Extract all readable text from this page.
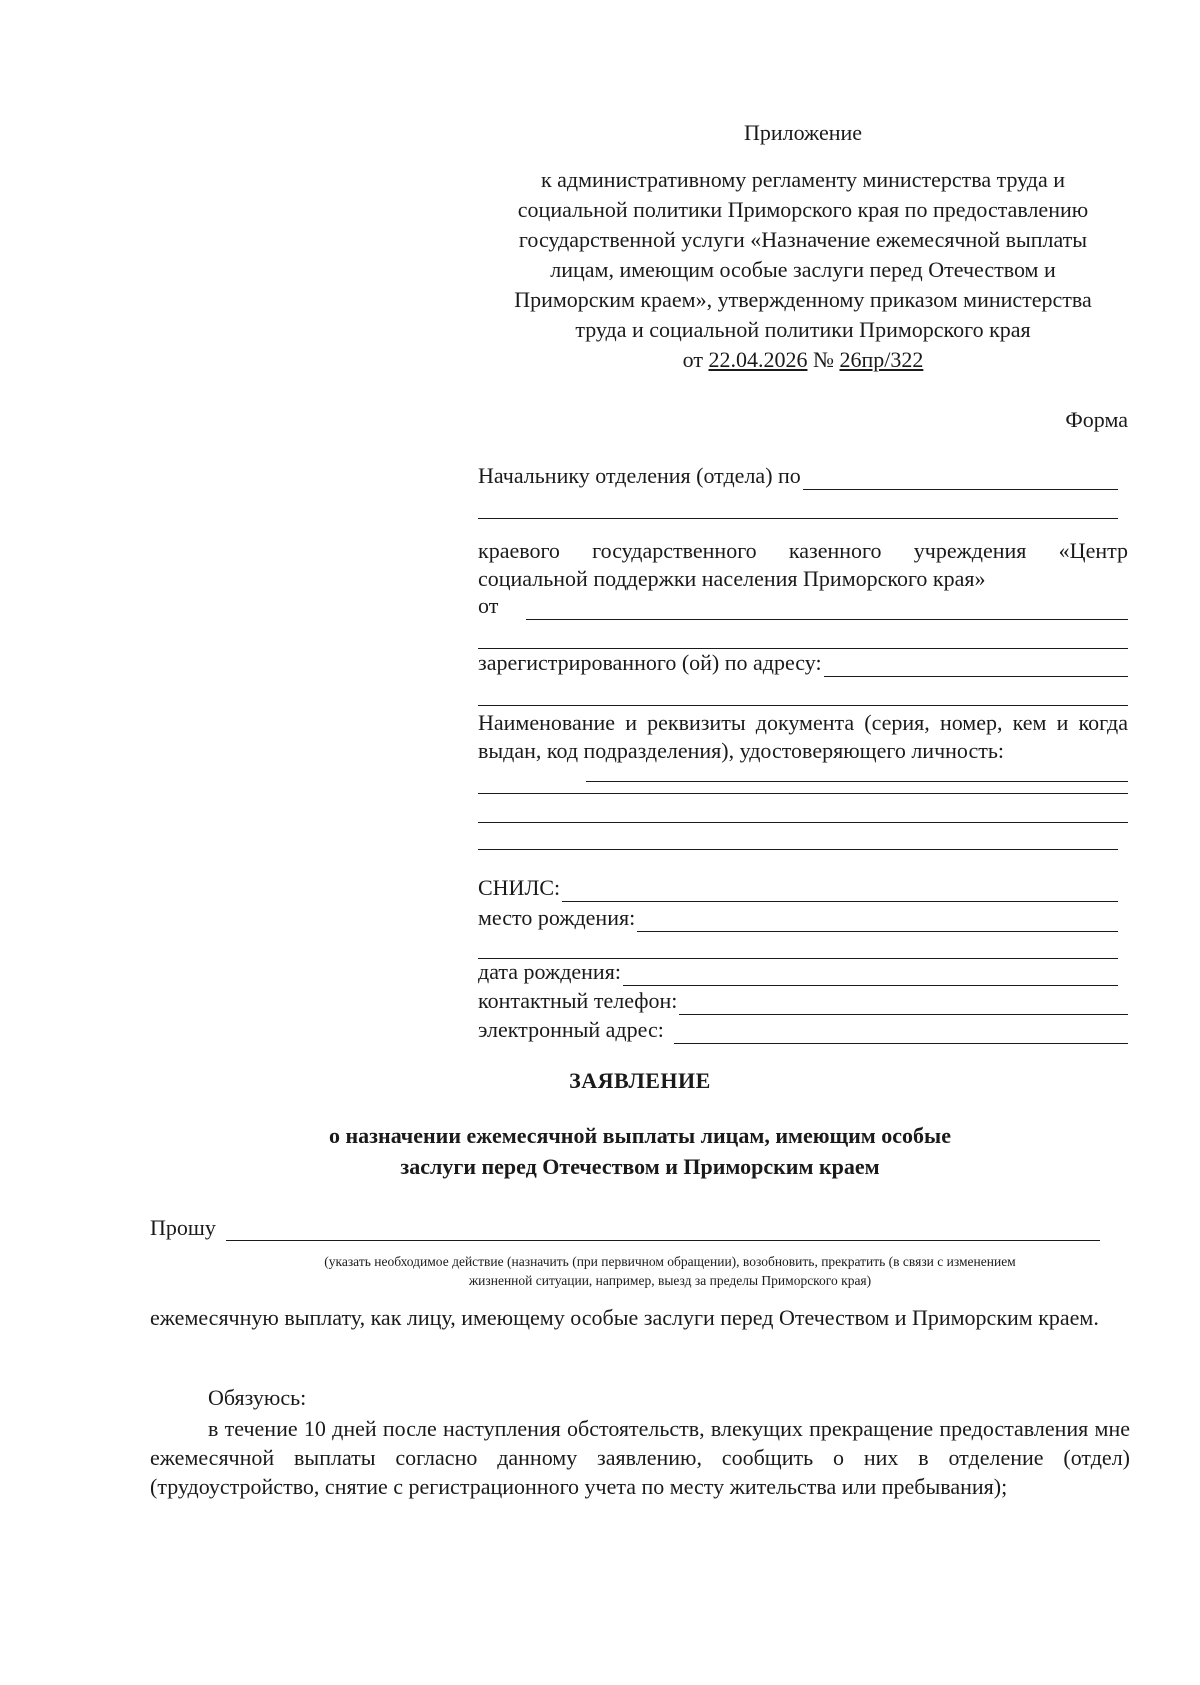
Приложение
к административному регламенту министерства труда и
социальной политики Приморского края по предоставлению
государственной услуги «Назначение ежемесячной выплаты
лицам, имеющим особые заслуги перед Отечеством и
Приморским краем», утвержденному приказом министерства
труда и социальной политики Приморского края
от 22.04.2026 № 26пр/322
Форма
Начальнику отделения (отдела) по
краевого государственного казенного учреждения «Центр социальной поддержки населения Приморского края»
от
зарегистрированного (ой) по адресу:
Наименование и реквизиты документа (серия, номер, кем и когда выдан, код подразделения), удостоверяющего личность:
СНИЛС:
место рождения:
дата рождения:
контактный телефон:
электронный адрес:
ЗАЯВЛЕНИЕ
о назначении ежемесячной выплаты лицам, имеющим особые
заслуги перед Отечеством и Приморским краем
Прошу
(указать необходимое действие (назначить (при первичном обращении), возобновить, прекратить (в связи с изменением
жизненной ситуации, например, выезд за пределы Приморского края)
ежемесячную выплату, как лицу, имеющему особые заслуги перед Отечеством и Приморским краем.
Обязуюсь:
в течение 10 дней после наступления обстоятельств, влекущих прекращение предоставления мне ежемесячной выплаты согласно данному заявлению, сообщить о них в отделение (отдел) (трудоустройство, снятие с регистрационного учета по месту жительства или пребывания);
